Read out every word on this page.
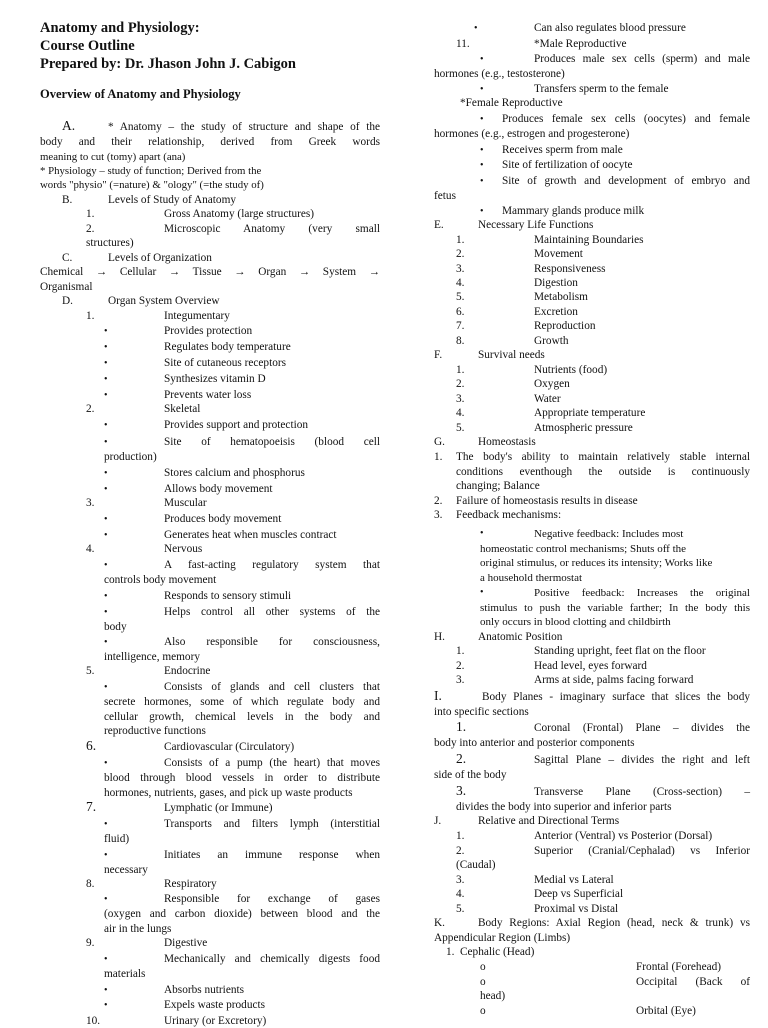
Anatomy and Physiology:
Course Outline
Prepared by: Dr. Jhason John J. Cabigon
Overview of Anatomy and Physiology
A.	* Anatomy – the study of structure and shape of the
body and their relationship, derived from Greek words
meaning to cut (tomy) apart (ana)
* Physiology – study of function; Derived from the
words "physio" (=nature) & "ology" (=the study of)
B.	Levels of Study of Anatomy
1.	Gross Anatomy (large structures)
2.	Microscopic Anatomy (very small
structures)
C.	Levels of Organization
Chemical → Cellular → Tissue → Organ → System →
Organismal
D.	Organ System Overview
1.	Integumentary
•	Provides protection
•	Regulates body temperature
•	Site of cutaneous receptors
•	Synthesizes vitamin D
•	Prevents water loss
2.	Skeletal
•	Provides support and protection
•	Site of hematopoeisis (blood cell
production)
•	Stores calcium and phosphorus
•	Allows body movement
3.	Muscular
•	Produces body movement
•	Generates heat when muscles contract
4.	Nervous
•	A fast-acting regulatory system that
controls body movement
•	Responds to sensory stimuli
•	Helps control all other systems of the
body
•	Also responsible for consciousness,
intelligence, memory
5.	Endocrine
•	Consists of glands and cell clusters that
secrete hormones, some of which regulate body and
cellular growth, chemical levels in the body and
reproductive functions
6.	Cardiovascular (Circulatory)
•	Consists of a pump (the heart) that moves
blood through blood vessels in order to distribute
hormones, nutrients, gases, and pick up waste products
7.	Lymphatic (or Immune)
•	Transports and filters lymph (interstitial
fluid)
•	Initiates an immune response when
necessary
8.	Respiratory
•	Responsible for exchange of gases
(oxygen and carbon dioxide) between blood and the
air in the lungs
9.	Digestive
•	Mechanically and chemically digests food
materials
•	Absorbs nutrients
•	Expels waste products
10.	Urinary (or Excretory)
•	Can also regulates blood pressure
11.	*Male Reproductive
•	Produces male sex cells (sperm) and male
hormones (e.g., testosterone)
•	Transfers sperm to the female
*Female Reproductive
• Produces female sex cells (oocytes) and female
hormones (e.g., estrogen and progesterone)
• Receives sperm from male
• Site of fertilization of oocyte
• Site of growth and development of embryo and
fetus
• Mammary glands produce milk
E.	Necessary Life Functions
1.	Maintaining Boundaries
2.	Movement
3.	Responsiveness
4.	Digestion
5.	Metabolism
6.	Excretion
7.	Reproduction
8.	Growth
F.	Survival needs
1.	Nutrients (food)
2.	Oxygen
3.	Water
4.	Appropriate temperature
5.	Atmospheric pressure
G.	Homeostasis
1. The body's ability to maintain relatively stable internal
conditions eventhough the outside is continuously
changing; Balance
2. Failure of homeostasis results in disease
3. Feedback mechanisms:
•	Negative feedback: Includes most
homeostatic control mechanisms; Shuts off the
original stimulus, or reduces its intensity; Works like
a household thermostat
•	Positive feedback: Increases the original
stimulus to push the variable farther; In the body this
only occurs in blood clotting and childbirth
H.	Anatomic Position
1.	Standing upright, feet flat on the floor
2.	Head level, eyes forward
3.	Arms at side, palms facing forward
I.	Body Planes - imaginary surface that slices the body
into specific sections
1.	Coronal (Frontal) Plane – divides the
body into anterior and posterior components
2.	Sagittal Plane – divides the right and left
side of the body
3.	Transverse Plane (Cross-section) –
divides the body into superior and inferior parts
J.	Relative and Directional Terms
1.	Anterior (Ventral) vs Posterior (Dorsal)
2.	Superior (Cranial/Cephalad) vs Inferior
(Caudal)
3.	Medial vs Lateral
4.	Deep vs Superficial
5.	Proximal vs Distal
K.	Body Regions: Axial Region (head, neck & trunk) vs
Appendicular Region (Limbs)
1. Cephalic (Head)
o	Frontal (Forehead)
o	Occipital (Back of
head)
o	Orbital (Eye)
